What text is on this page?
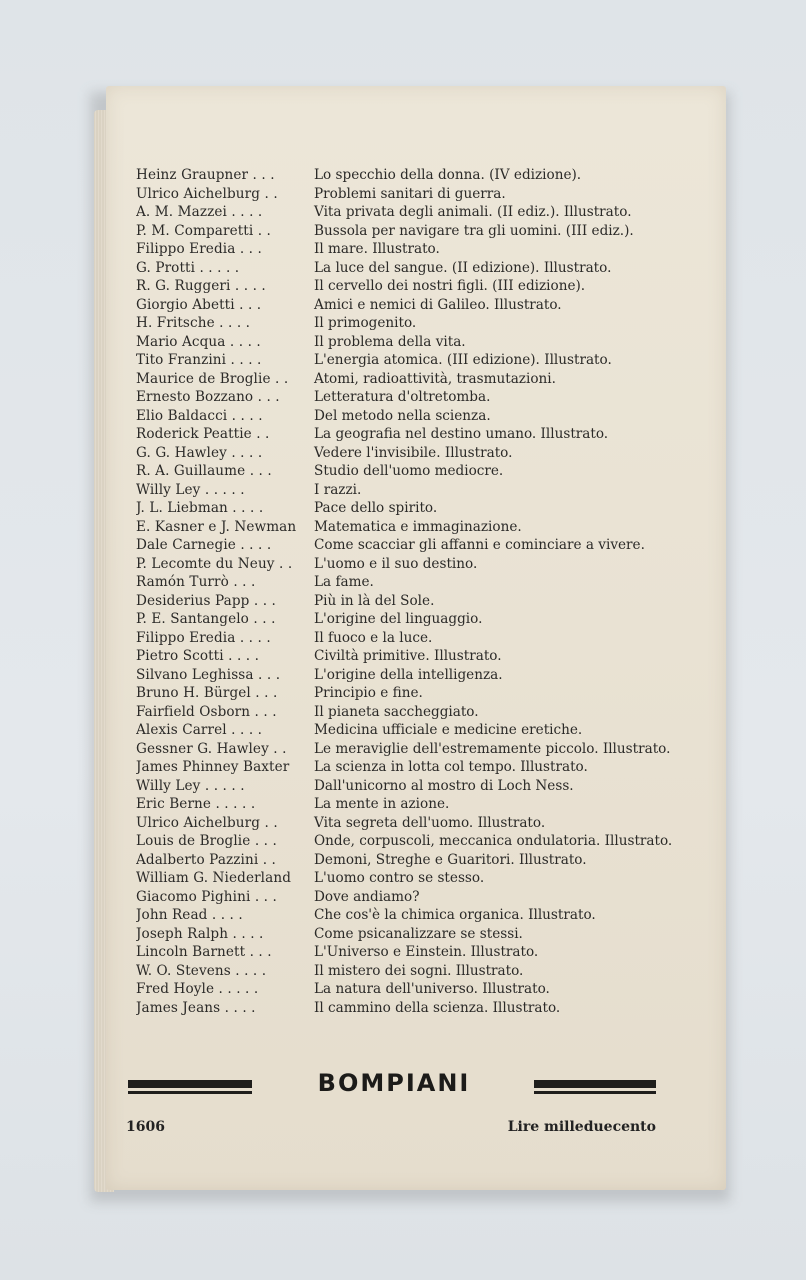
Heinz Graupner . . .	Lo specchio della donna. (IV edizione).
Ulrico Aichelburg . .	Problemi sanitari di guerra.
A. M. Mazzei . . . .	Vita privata degli animali. (II ediz.). Illustrato.
P. M. Comparetti . .	Bussola per navigare tra gli uomini. (III ediz.).
Filippo Eredia . . .	Il mare. Illustrato.
G. Protti . . . . .	La luce del sangue. (II edizione). Illustrato.
R. G. Ruggeri . . . .	Il cervello dei nostri figli. (III edizione).
Giorgio Abetti . . .	Amici e nemici di Galileo. Illustrato.
H. Fritsche . . . .	Il primogenito.
Mario Acqua . . . .	Il problema della vita.
Tito Franzini . . . .	L'energia atomica. (III edizione). Illustrato.
Maurice de Broglie . .	Atomi, radioattività, trasmutazioni.
Ernesto Bozzano . . .	Letteratura d'oltretomba.
Elio Baldacci . . . .	Del metodo nella scienza.
Roderick Peattie . .	La geografia nel destino umano. Illustrato.
G. G. Hawley . . . .	Vedere l'invisibile. Illustrato.
R. A. Guillaume . . .	Studio dell'uomo mediocre.
Willy Ley . . . . .	I razzi.
J. L. Liebman . . . .	Pace dello spirito.
E. Kasner e J. Newman	Matematica e immaginazione.
Dale Carnegie . . . .	Come scacciar gli affanni e cominciare a vivere.
P. Lecomte du Neuy . .	L'uomo e il suo destino.
Ramón Turrò . . .	La fame.
Desiderius Papp . . .	Più in là del Sole.
P. E. Santangelo . . .	L'origine del linguaggio.
Filippo Eredia . . . .	Il fuoco e la luce.
Pietro Scotti . . . .	Civiltà primitive. Illustrato.
Silvano Leghissa . . .	L'origine della intelligenza.
Bruno H. Bürgel . . .	Principio e fine.
Fairfield Osborn . . .	Il pianeta saccheggiato.
Alexis Carrel . . . .	Medicina ufficiale e medicine eretiche.
Gessner G. Hawley . .	Le meraviglie dell'estremamente piccolo. Illustrato.
James Phinney Baxter	La scienza in lotta col tempo. Illustrato.
Willy Ley . . . . .	Dall'unicorno al mostro di Loch Ness.
Eric Berne . . . . .	La mente in azione.
Ulrico Aichelburg . .	Vita segreta dell'uomo. Illustrato.
Louis de Broglie . . .	Onde, corpuscoli, meccanica ondulatoria. Illustrato.
Adalberto Pazzini . .	Demoni, Streghe e Guaritori. Illustrato.
William G. Niederland	L'uomo contro se stesso.
Giacomo Pighini . . .	Dove andiamo?
John Read . . . .	Che cos'è la chimica organica. Illustrato.
Joseph Ralph . . . .	Come psicanalizzare se stessi.
Lincoln Barnett . . .	L'Universo e Einstein. Illustrato.
W. O. Stevens . . . .	Il mistero dei sogni. Illustrato.
Fred Hoyle . . . . .	La natura dell'universo. Illustrato.
James Jeans . . . .	Il cammino della scienza. Illustrato.
BOMPIANI
1606	Lire milleduecento
